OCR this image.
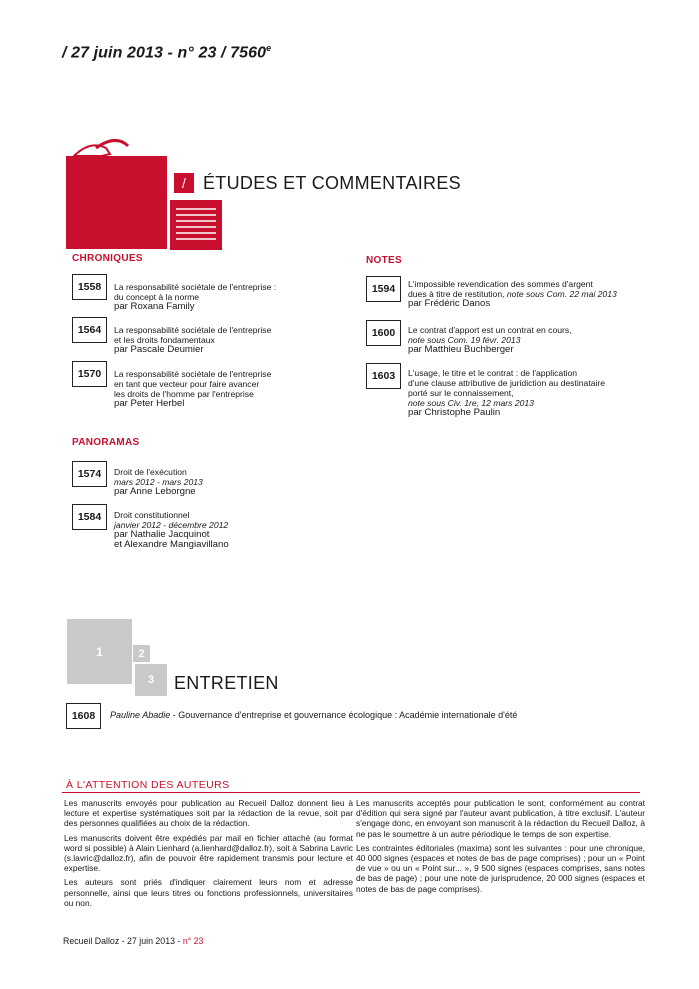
/ 27 juin 2013 - n° 23 / 7560e
/ ÉTUDES ET COMMENTAIRES
CHRONIQUES
1558	La responsabilité sociétale de l'entreprise :
du concept à la norme
par Roxana Family
1564	La responsabilité sociétale de l'entreprise
et les droits fondamentaux
par Pascale Deumier
1570	La responsabilité sociétale de l'entreprise
en tant que vecteur pour faire avancer
les droits de l'homme par l'entreprise
par Peter Herbel
NOTES
1594	L'impossible revendication des sommes d'argent
dues à titre de restitution, note sous Com. 22 mai 2013
par Frédéric Danos
1600	Le contrat d'apport est un contrat en cours,
note sous Com. 19 févr. 2013
par Matthieu Buchberger
1603	L'usage, le titre et le contrat : de l'application
d'une clause attributive de juridiction au destinataire
porté sur le connaissement,
note sous Civ. 1re, 12 mars 2013
par Christophe Paulin
PANORAMAS
1574	Droit de l'exécution
mars 2012 - mars 2013
par Anne Leborgne
1584	Droit constitutionnel
janvier 2012 - décembre 2012
par Nathalie Jacquinot
et Alexandre Mangiavillano
1	2
3	ENTRETIEN
1608	Pauline Abadie - Gouvernance d'entreprise et gouvernance écologique : Académie internationale d'été
À L'ATTENTION DES AUTEURS

Les manuscrits envoyés pour publication au Recueil Dalloz donnent lieu à lecture et expertise systématiques soit par la rédaction de la revue, soit par des personnes qualifiées au choix de la rédaction.

Les manuscrits doivent être expédiés par mail en fichier attaché (au format word si possible) à Alain Lienhard (a.lienhard@dalloz.fr), soit à Sabrina Lavric (s.lavric@dalloz.fr), afin de pouvoir être rapidement transmis pour lecture et expertise.

Les auteurs sont priés d'indiquer clairement leurs nom et adresse personnelle, ainsi que leurs titres ou fonctions professionnels, universitaires ou non.

Les manuscrits acceptés pour publication le sont, conformément au contrat d'édition qui sera signé par l'auteur avant publication, à titre exclusif. L'auteur s'engage donc, en envoyant son manuscrit à la rédaction du Recueil Dalloz, à ne pas le soumettre à un autre périodique le temps de son expertise.

Les contraintes éditoriales (maxima) sont les suivantes : pour une chronique, 40 000 signes (espaces et notes de bas de page comprises) ; pour un « Point de vue » ou un « Point sur... », 9 500 signes (espaces comprises, sans notes de bas de page) ; pour une note de jurisprudence, 20 000 signes (espaces et notes de bas de page comprises).

Recueil Dalloz - 27 juin 2013 - n° 23
